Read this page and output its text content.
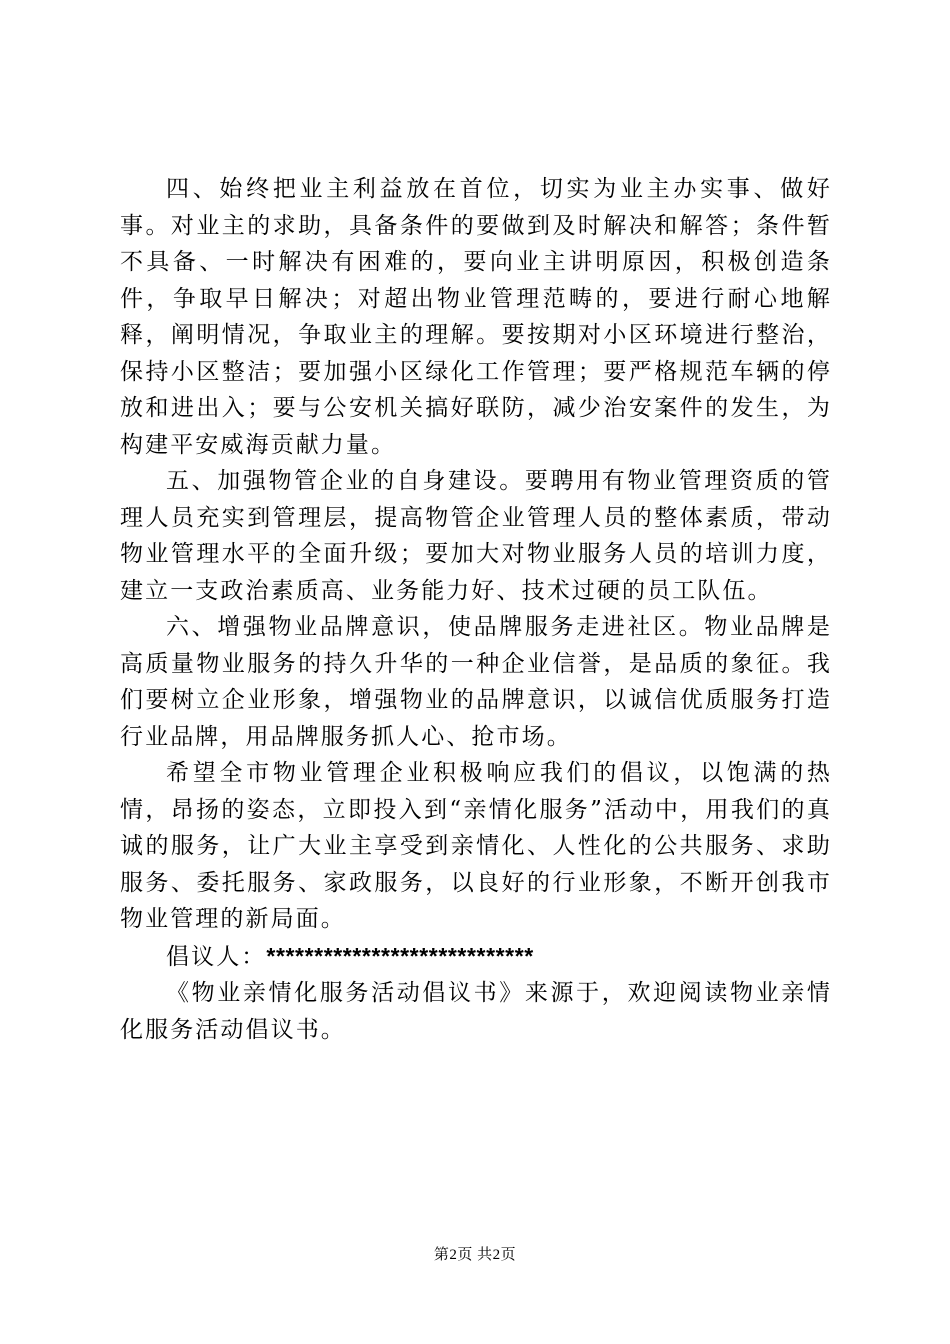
四、始终把业主利益放在首位，切实为业主办实事、做好事。对业主的求助，具备条件的要做到及时解决和解答；条件暂不具备、一时解决有困难的，要向业主讲明原因，积极创造条件，争取早日解决；对超出物业管理范畴的，要进行耐心地解释，阐明情况，争取业主的理解。要按期对小区环境进行整治，保持小区整洁；要加强小区绿化工作管理；要严格规范车辆的停放和进出入；要与公安机关搞好联防，减少治安案件的发生，为构建平安威海贡献力量。

五、加强物管企业的自身建设。要聘用有物业管理资质的管理人员充实到管理层，提高物管企业管理人员的整体素质，带动物业管理水平的全面升级；要加大对物业服务人员的培训力度，建立一支政治素质高、业务能力好、技术过硬的员工队伍。

六、增强物业品牌意识，使品牌服务走进社区。物业品牌是高质量物业服务的持久升华的一种企业信誉，是品质的象征。我们要树立企业形象，增强物业的品牌意识，以诚信优质服务打造行业品牌，用品牌服务抓人心、抢市场。

希望全市物业管理企业积极响应我们的倡议，以饱满的热情，昂扬的姿态，立即投入到“亲情化服务”活动中，用我们的真诚的服务，让广大业主享受到亲情化、人性化的公共服务、求助服务、委托服务、家政服务，以良好的行业形象，不断开创我市物业管理的新局面。

倡议人：****************************

《物业亲情化服务活动倡议书》来源于，欢迎阅读物业亲情化服务活动倡议书。

第2页 共2页
